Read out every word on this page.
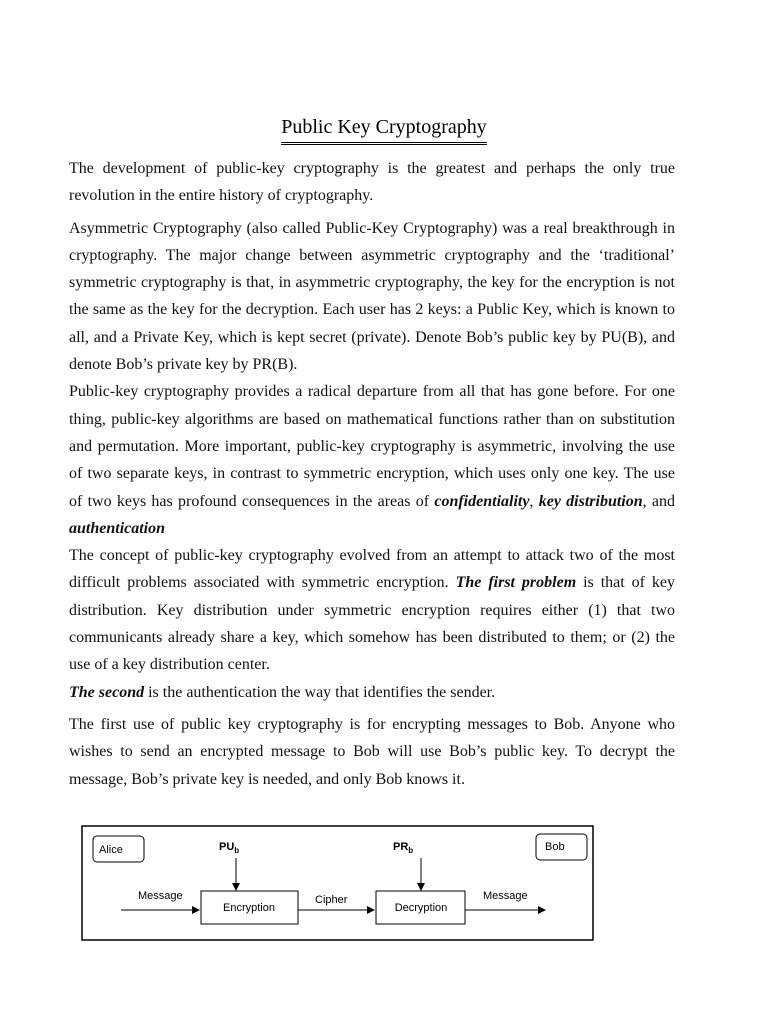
Public Key Cryptography

The development of public-key cryptography is the greatest and perhaps the only true revolution in the entire history of cryptography.

Asymmetric Cryptography (also called Public-Key Cryptography) was a real breakthrough in cryptography. The major change between asymmetric cryptography and the ‘traditional’ symmetric cryptography is that, in asymmetric cryptography, the key for the encryption is not the same as the key for the decryption. Each user has 2 keys: a Public Key, which is known to all, and a Private Key, which is kept secret (private). Denote Bob’s public key by PU(B), and denote Bob’s private key by PR(B).

Public-key cryptography provides a radical departure from all that has gone before. For one thing, public-key algorithms are based on mathematical functions rather than on substitution and permutation. More important, public-key cryptography is asymmetric, involving the use of two separate keys, in contrast to symmetric encryption, which uses only one key. The use of two keys has profound consequences in the areas of confidentiality, key distribution, and authentication

The concept of public-key cryptography evolved from an attempt to attack two of the most difficult problems associated with symmetric encryption. The first problem is that of key distribution. Key distribution under symmetric encryption requires either (1) that two communicants already share a key, which somehow has been distributed to them; or (2) the use of a key distribution center.

The second is the authentication the way that identifies the sender.

The first use of public key cryptography is for encrypting messages to Bob. Anyone who wishes to send an encrypted message to Bob will use Bob’s public key. To decrypt the message, Bob’s private key is needed, and only Bob knows it.

Alice	Bob
$PU_b$	$PR_b$
Message
Encryption
Cipher
Decryption
Message
